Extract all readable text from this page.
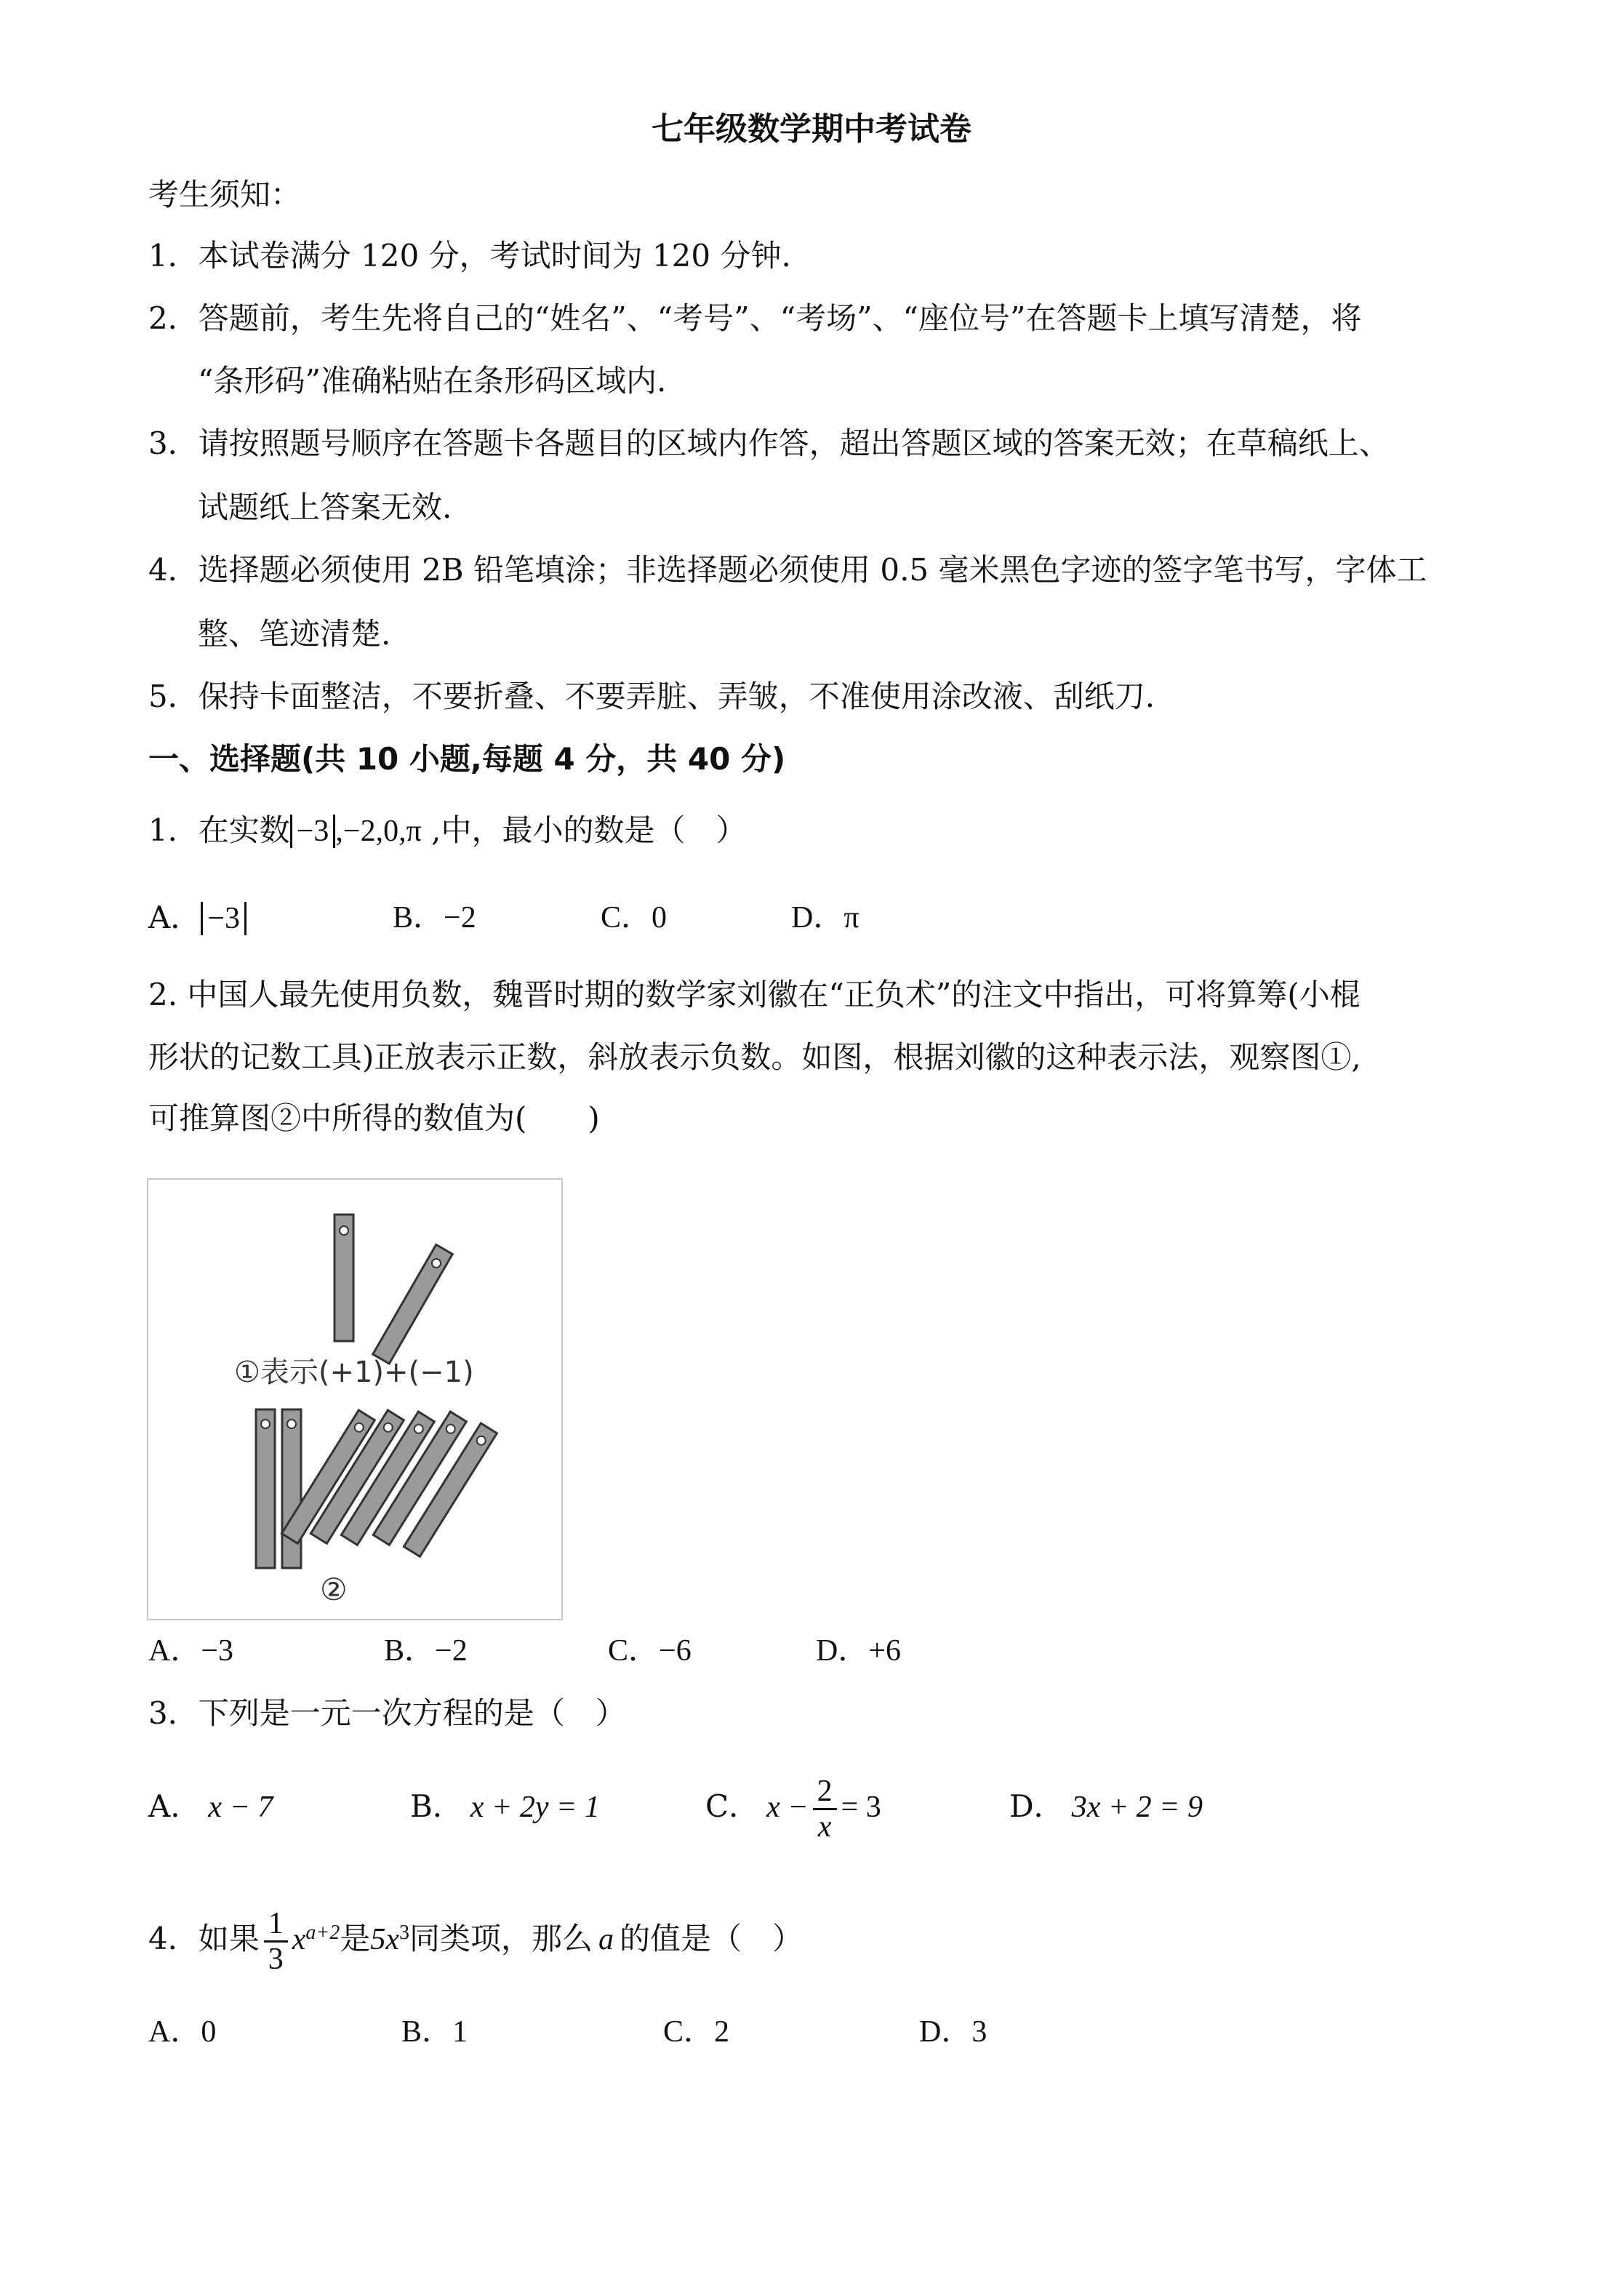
七年级数学期中考试卷
考生须知：
1．本试卷满分 120 分，考试时间为 120 分钟.
2．答题前，考生先将自己的“姓名”、“考号”、“考场”、“座位号”在答题卡上填写清楚，将
“条形码”准确粘贴在条形码区域内.
3．请按照题号顺序在答题卡各题目的区域内作答，超出答题区域的答案无效；在草稿纸上、
试题纸上答案无效.
4．选择题必须使用 2B 铅笔填涂；非选择题必须使用 0.5 毫米黑色字迹的签字笔书写，字体工
整、笔迹清楚.
5．保持卡面整洁，不要折叠、不要弄脏、弄皱，不准使用涂改液、刮纸刀.
一、选择题(共 10 小题,每题 4 分，共 40 分)
1．在实数 −3 ,−2,0,π ,中，最小的数是（　）
A． −3	B．−2	C．0	D．π
2. 中国人最先使用负数，魏晋时期的数学家刘徽在“正负术”的注文中指出，可将算筹(小棍
形状的记数工具)正放表示正数，斜放表示负数。如图，根据刘徽的这种表示法，观察图①,
可推算图②中所得的数值为(　　)
①表示(+1)+(−1)
②
A．−3	B．−2	C．−6	D．+6
3．下列是一元一次方程的是（　）
A． x − 7	B． x + 2y = 1	C． $x - \frac{2}{x} = 3$	D． 3x + 2 = 9
4．如果 $\frac{1}{3} x^{a+2}$是$5x^3$同类项，那么 a 的值是（　）
A．0	B．1	C．2	D．3
